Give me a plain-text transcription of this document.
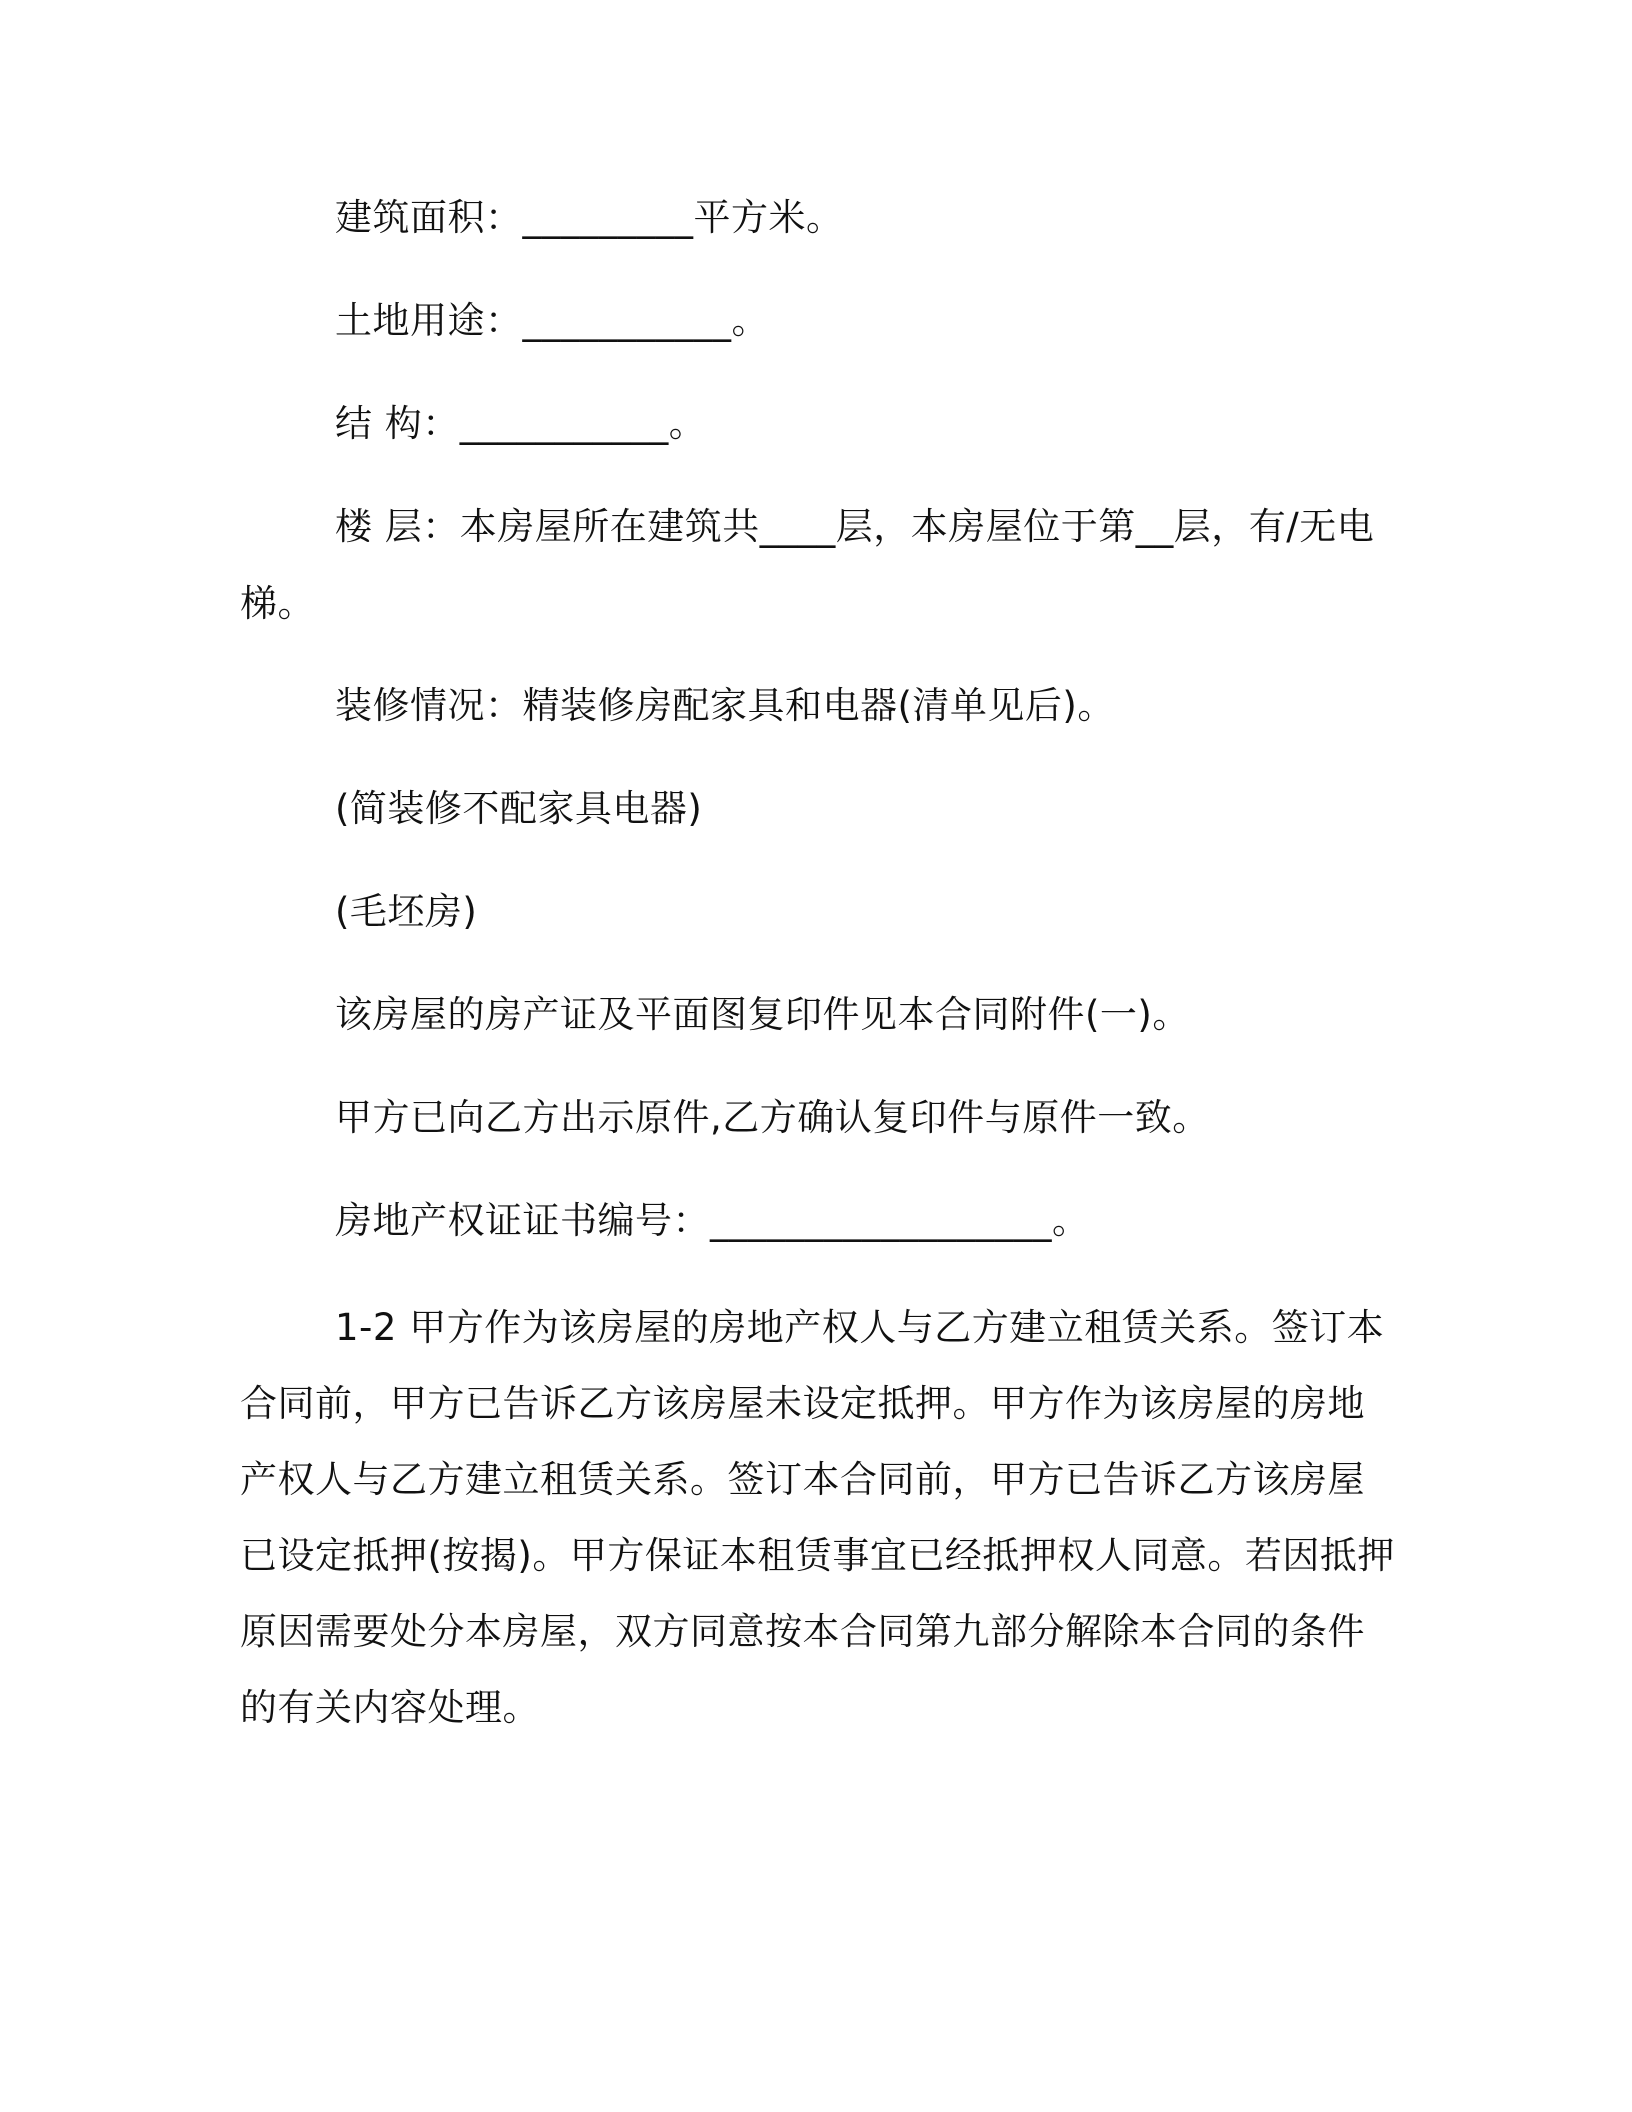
建筑面积：_________平方米。
土地用途：___________。
结 构：___________。
楼 层：本房屋所在建筑共____层，本房屋位于第__层，有/无电
梯。
装修情况：精装修房配家具和电器(清单见后)。
(简装修不配家具电器)
(毛坯房)
该房屋的房产证及平面图复印件见本合同附件(一)。
甲方已向乙方出示原件,乙方确认复印件与原件一致。
房地产权证证书编号：__________________。
1-2 甲方作为该房屋的房地产权人与乙方建立租赁关系。签订本
合同前，甲方已告诉乙方该房屋未设定抵押。甲方作为该房屋的房地
产权人与乙方建立租赁关系。签订本合同前，甲方已告诉乙方该房屋
已设定抵押(按揭)。甲方保证本租赁事宜已经抵押权人同意。若因抵押
原因需要处分本房屋，双方同意按本合同第九部分解除本合同的条件
的有关内容处理。
